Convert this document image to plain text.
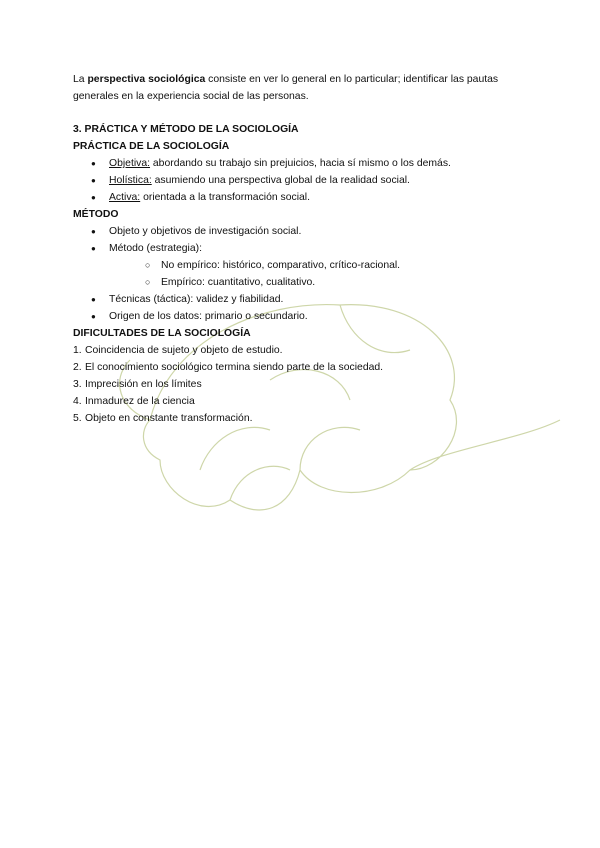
La perspectiva sociológica consiste en ver lo general en lo particular; identificar las pautas generales en la experiencia social de las personas.

3. PRÁCTICA Y MÉTODO DE LA SOCIOLOGÍA

PRÁCTICA DE LA SOCIOLOGÍA

● Objetiva: abordando su trabajo sin prejuicios, hacia sí mismo o los demás.
● Holística: asumiendo una perspectiva global de la realidad social.
● Activa: orientada a la transformación social.

MÉTODO

● Objeto y objetivos de investigación social.
● Método (estrategia):
○ No empírico: histórico, comparativo, crítico-racional.
○ Empírico: cuantitativo, cualitativo.
● Técnicas (táctica): validez y fiabilidad.
● Origen de los datos: primario o secundario.

DIFICULTADES DE LA SOCIOLOGÍA

1. Coincidencia de sujeto y objeto de estudio.
2. El conocimiento sociológico termina siendo parte de la sociedad.
3. Imprecisión en los límites
4. Inmadurez de la ciencia
5. Objeto en constante transformación.
